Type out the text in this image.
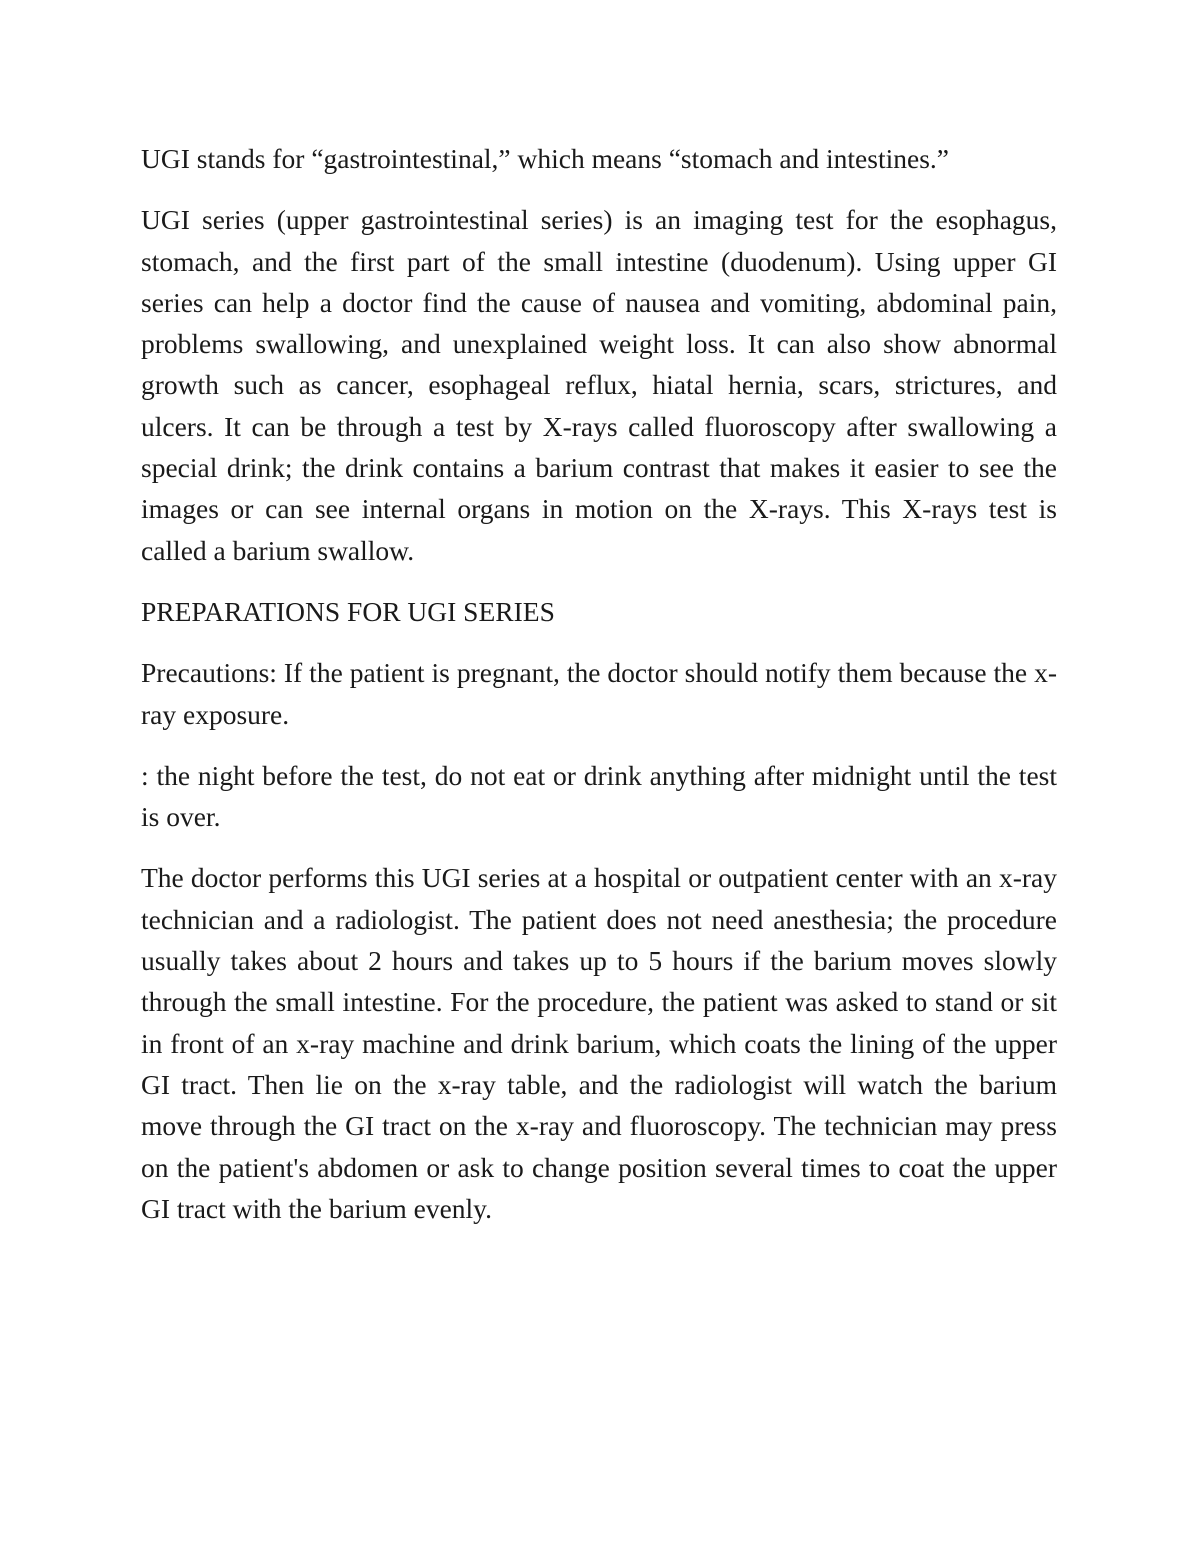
UGI stands for “gastrointestinal,” which means “stomach and intestines.”

UGI series (upper gastrointestinal series) is an imaging test for the esophagus, stomach, and the first part of the small intestine (duodenum). Using upper GI series can help a doctor find the cause of nausea and vomiting, abdominal pain, problems swallowing, and unexplained weight loss. It can also show abnormal growth such as cancer, esophageal reflux, hiatal hernia, scars, strictures, and ulcers. It can be through a test by X-rays called fluoroscopy after swallowing a special drink; the drink contains a barium contrast that makes it easier to see the images or can see internal organs in motion on the X-rays. This X-rays test is called a barium swallow.

PREPARATIONS FOR UGI SERIES

Precautions: If the patient is pregnant, the doctor should notify them because the x-ray exposure.

: the night before the test, do not eat or drink anything after midnight until the test is over.

The doctor performs this UGI series at a hospital or outpatient center with an x-ray technician and a radiologist. The patient does not need anesthesia; the procedure usually takes about 2 hours and takes up to 5 hours if the barium moves slowly through the small intestine. For the procedure, the patient was asked to stand or sit in front of an x-ray machine and drink barium, which coats the lining of the upper GI tract. Then lie on the x-ray table, and the radiologist will watch the barium move through the GI tract on the x-ray and fluoroscopy. The technician may press on the patient's abdomen or ask to change position several times to coat the upper GI tract with the barium evenly.
